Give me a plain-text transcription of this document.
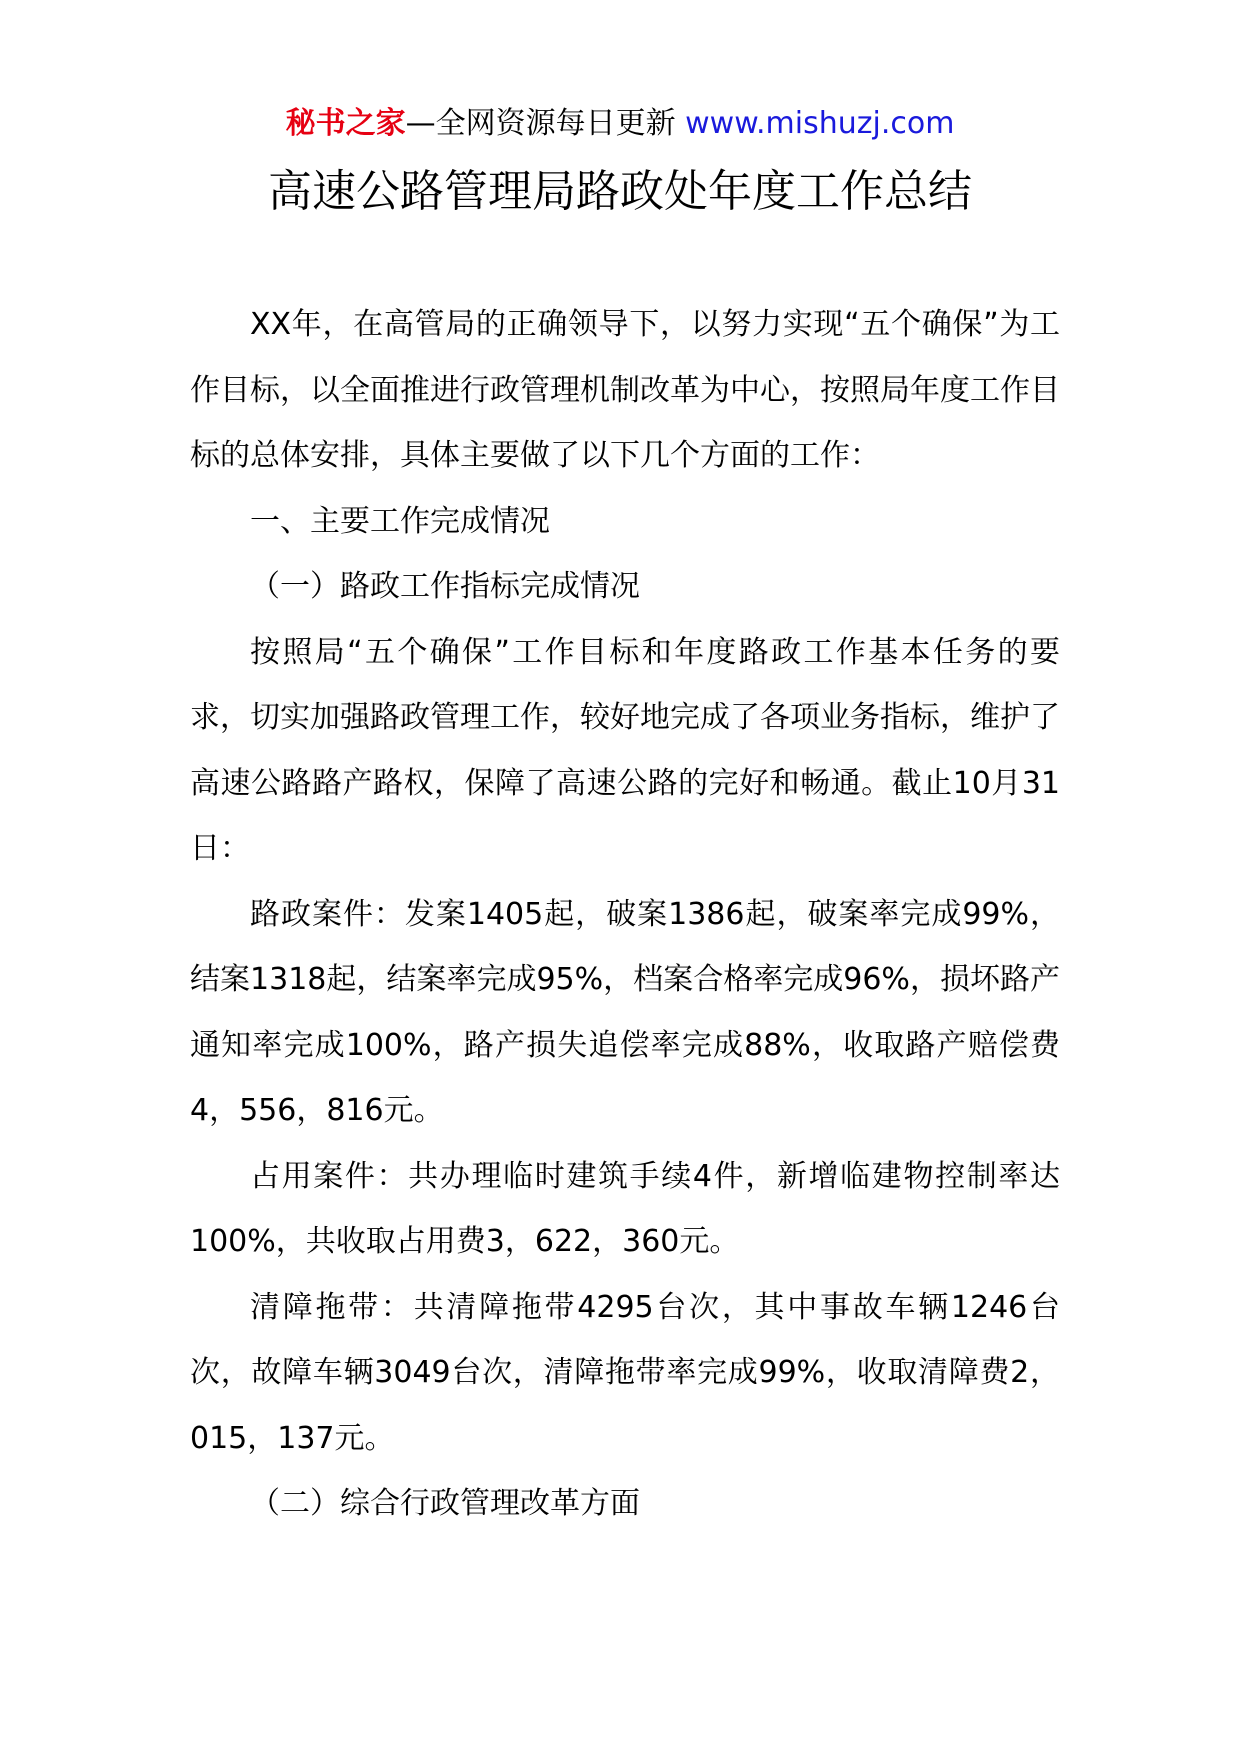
秘书之家—全网资源每日更新 www.mishuzj.com
高速公路管理局路政处年度工作总结

XX年，在高管局的正确领导下，以努力实现“五个确保”为工作目标，以全面推进行政管理机制改革为中心，按照局年度工作目标的总体安排，具体主要做了以下几个方面的工作：

一、主要工作完成情况

（一）路政工作指标完成情况

按照局“五个确保”工作目标和年度路政工作基本任务的要求，切实加强路政管理工作，较好地完成了各项业务指标，维护了高速公路路产路权，保障了高速公路的完好和畅通。截止10月31日：

路政案件：发案1405起，破案1386起，破案率完成99%，结案1318起，结案率完成95%，档案合格率完成96%，损坏路产通知率完成100%，路产损失追偿率完成88%，收取路产赔偿费4，556，816元。

占用案件：共办理临时建筑手续4件，新增临建物控制率达100%，共收取占用费3，622，360元。

清障拖带：共清障拖带4295台次，其中事故车辆1246台次，故障车辆3049台次，清障拖带率完成99%，收取清障费2，015，137元。

（二）综合行政管理改革方面
